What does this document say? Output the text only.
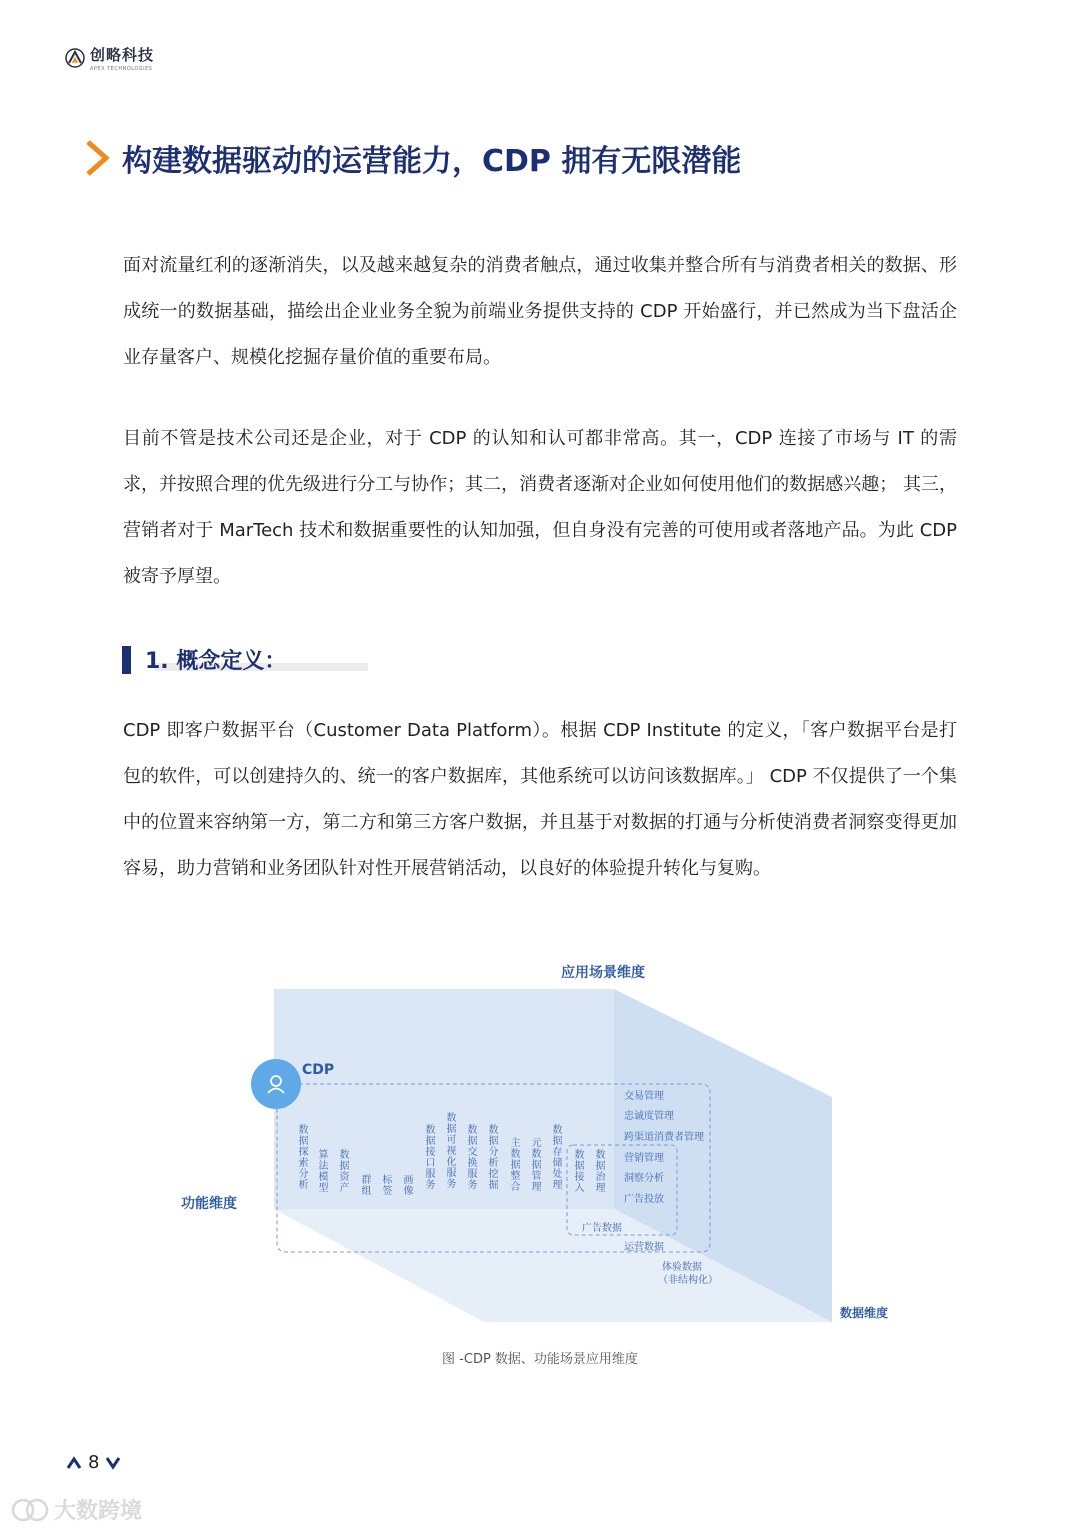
创略科技
APEX TECHNOLOGIES
构建数据驱动的运营能力，CDP 拥有无限潜能
面对流量红利的逐渐消失，以及越来越复杂的消费者触点，通过收集并整合所有与消费者相关的数据、形成统一的数据基础，描绘出企业业务全貌为前端业务提供支持的 CDP 开始盛行，并已然成为当下盘活企业存量客户、规模化挖掘存量价值的重要布局。
目前不管是技术公司还是企业，对于 CDP 的认知和认可都非常高。其一，CDP 连接了市场与 IT 的需求，并按照合理的优先级进行分工与协作；其二，消费者逐渐对企业如何使用他们的数据感兴趣； 其三，营销者对于 MarTech 技术和数据重要性的认知加强，但自身没有完善的可使用或者落地产品。为此 CDP 被寄予厚望。
1. 概念定义：
CDP 即客户数据平台（Customer Data Platform）。根据 CDP Institute 的定义，「客户数据平台是打包的软件，可以创建持久的、统一的客户数据库，其他系统可以访问该数据库。」 CDP 不仅提供了一个集中的位置来容纳第一方，第二方和第三方客户数据，并且基于对数据的打通与分析使消费者洞察变得更加容易，助力营销和业务团队针对性开展营销活动，以良好的体验提升转化与复购。
应用场景维度
功能维度
数据维度
CDP
数据探索分析 算法模型 数据资产 群组 标签 画像 数据接口服务 数据可视化服务 数据交换服务 数据分析挖掘 主数据整合 元数据管理 数据存储处理 数据接入 数据治理
交易管理
忠诚度管理
跨渠道消费者管理
营销管理
洞察分析
广告投放
广告数据
运营数据
体验数据
（非结构化）
图 -CDP 数据、功能场景应用维度
8
大数跨境
